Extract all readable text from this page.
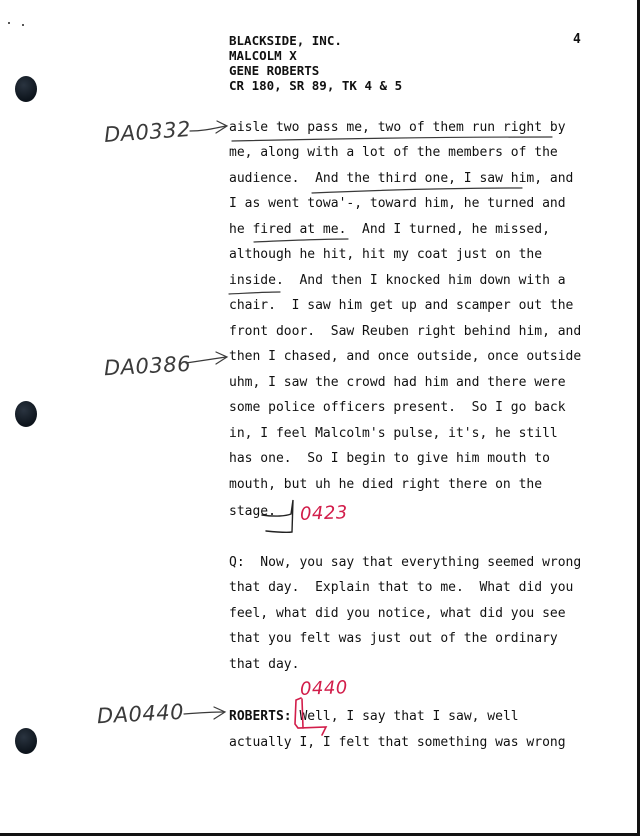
BLACKSIDE, INC.
MALCOLM X
GENE ROBERTS
CR 180, SR 89, TK 4 & 5
4
aisle two pass me, two of them run right by
me, along with a lot of the members of the
audience.  And the third one, I saw him, and
I as went towa'-, toward him, he turned and
he fired at me.  And I turned, he missed,
although he hit, hit my coat just on the
inside.  And then I knocked him down with a
chair.  I saw him get up and scamper out the
front door.  Saw Reuben right behind him, and
then I chased, and once outside, once outside
uhm, I saw the crowd had him and there were
some police officers present.  So I go back
in, I feel Malcolm's pulse, it's, he still
has one.  So I begin to give him mouth to
mouth, but uh he died right there on the
stage.
Q:  Now, you say that everything seemed wrong
that day.  Explain that to me.  What did you
feel, what did you notice, what did you see
that you felt was just out of the ordinary
that day.
ROBERTS: Well, I say that I saw, well
actually I, I felt that something was wrong
DA0332
DA0386
DA0440
0423
0440
